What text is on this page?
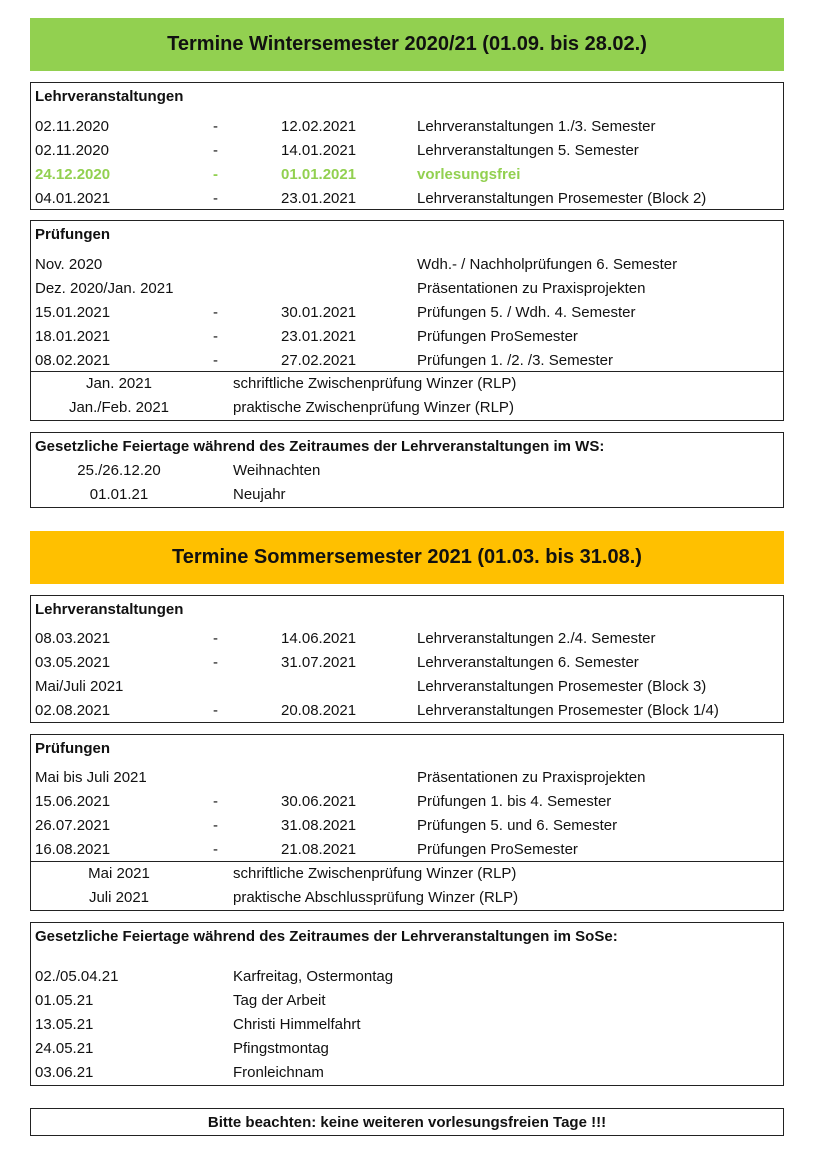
Termine Wintersemester 2020/21 (01.09. bis 28.02.)
Lehrveranstaltungen
02.11.2020	-	12.02.2021	Lehrveranstaltungen 1./3. Semester
02.11.2020	-	14.01.2021	Lehrveranstaltungen 5. Semester
24.12.2020	-	01.01.2021	vorlesungsfrei
04.01.2021	-	23.01.2021	Lehrveranstaltungen Prosemester (Block 2)
Prüfungen
Nov. 2020	Wdh.- / Nachholprüfungen 6. Semester
Dez. 2020/Jan. 2021	Präsentationen zu Praxisprojekten
15.01.2021	-	30.01.2021	Prüfungen 5. / Wdh. 4. Semester
18.01.2021	-	23.01.2021	Prüfungen ProSemester
08.02.2021	-	27.02.2021	Prüfungen 1. /2. /3. Semester
Jan. 2021	schriftliche Zwischenprüfung Winzer (RLP)
Jan./Feb. 2021	praktische Zwischenprüfung Winzer (RLP)
Gesetzliche Feiertage während des Zeitraumes der Lehrveranstaltungen im WS:
25./26.12.20	Weihnachten
01.01.21	Neujahr
Termine Sommersemester 2021 (01.03. bis 31.08.)
Lehrveranstaltungen
08.03.2021	-	14.06.2021	Lehrveranstaltungen 2./4. Semester
03.05.2021	-	31.07.2021	Lehrveranstaltungen 6. Semester
Mai/Juli 2021	Lehrveranstaltungen Prosemester (Block 3)
02.08.2021	-	20.08.2021	Lehrveranstaltungen Prosemester (Block 1/4)
Prüfungen
Mai bis Juli 2021	Präsentationen zu Praxisprojekten
15.06.2021	-	30.06.2021	Prüfungen 1. bis 4. Semester
26.07.2021	-	31.08.2021	Prüfungen 5. und 6. Semester
16.08.2021	-	21.08.2021	Prüfungen ProSemester
Mai 2021	schriftliche Zwischenprüfung Winzer (RLP)
Juli 2021	praktische Abschlussprüfung Winzer (RLP)
Gesetzliche Feiertage während des Zeitraumes der Lehrveranstaltungen im SoSe:
02./05.04.21	Karfreitag, Ostermontag
01.05.21	Tag der Arbeit
13.05.21	Christi Himmelfahrt
24.05.21	Pfingstmontag
03.06.21	Fronleichnam
Bitte beachten: keine weiteren vorlesungsfreien Tage !!!
